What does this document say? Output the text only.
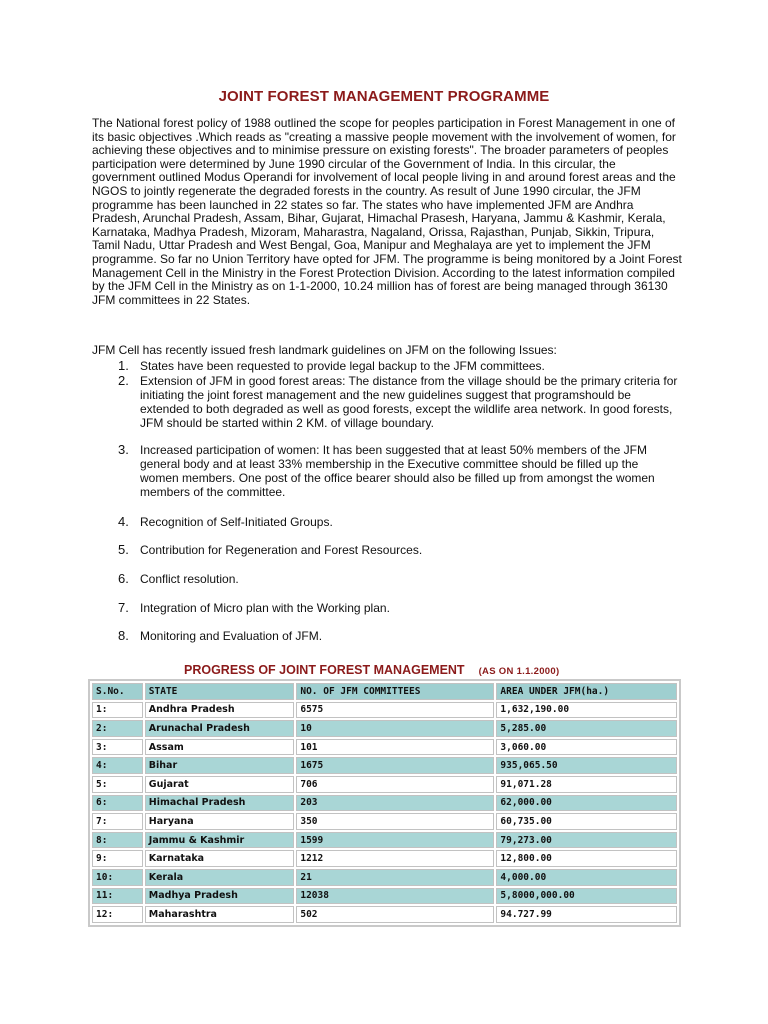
JOINT FOREST MANAGEMENT PROGRAMME

The National forest policy of 1988 outlined the scope for peoples participation in Forest Management in one of its basic objectives .Which reads as "creating a massive people movement with the involvement of women, for achieving these objectives and to minimise pressure on existing forests". The broader parameters of peoples participation were determined by June 1990 circular of the Government of India. In this circular, the government outlined Modus Operandi for involvement of local people living in and around forest areas and the NGOS to jointly regenerate the degraded forests in the country. As result of June 1990 circular, the JFM programme has been launched in 22 states so far. The states who have implemented JFM are Andhra Pradesh, Arunchal Pradesh, Assam, Bihar, Gujarat, Himachal Prasesh, Haryana, Jammu & Kashmir, Kerala, Karnataka, Madhya Pradesh, Mizoram, Maharastra, Nagaland, Orissa, Rajasthan, Punjab, Sikkin, Tripura, Tamil Nadu, Uttar Pradesh and West Bengal, Goa, Manipur and Meghalaya are yet to implement the JFM programme. So far no Union Territory have opted for JFM. The programme is being monitored by a Joint Forest Management Cell in the Ministry in the Forest Protection Division. According to the latest information compiled by the JFM Cell in the Ministry as on 1-1-2000, 10.24 million has of forest are being managed through 36130 JFM committees in 22 States.

JFM Cell has recently issued fresh landmark guidelines on JFM on the following Issues:

1. States have been requested to provide legal backup to the JFM committees.
2. Extension of JFM in good forest areas: The distance from the village should be the primary criteria for initiating the joint forest management and the new guidelines suggest that programshould be extended to both degraded as well as good forests, except the wildlife area network. In good forests, JFM should be started within 2 KM. of village boundary.
3. Increased participation of women: It has been suggested that at least 50% members of the JFM general body and at least 33% membership in the Executive committee should be filled up the women members. One post of the office bearer should also be filled up from amongst the women members of the committee.
4. Recognition of Self-Initiated Groups.
5. Contribution for Regeneration and Forest Resources.
6. Conflict resolution.
7. Integration of Micro plan with the Working plan.
8. Monitoring and Evaluation of JFM.
PROGRESS OF JOINT FOREST MANAGEMENT (AS ON 1.1.2000)
S.No.	STATE	NO. OF JFM COMMITTEES	AREA UNDER JFM(ha.)
1:	Andhra Pradesh	6575	1,632,190.00
2:	Arunachal Pradesh	10	5,285.00
3:	Assam	101	3,060.00
4:	Bihar	1675	935,065.50
5:	Gujarat	706	91,071.28
6:	Himachal Pradesh	203	62,000.00
7:	Haryana	350	60,735.00
8:	Jammu & Kashmir	1599	79,273.00
9:	Karnataka	1212	12,800.00
10:	Kerala	21	4,000.00
11:	Madhya Pradesh	12038	5,8000,000.00
12:	Maharashtra	502	94.727.99
